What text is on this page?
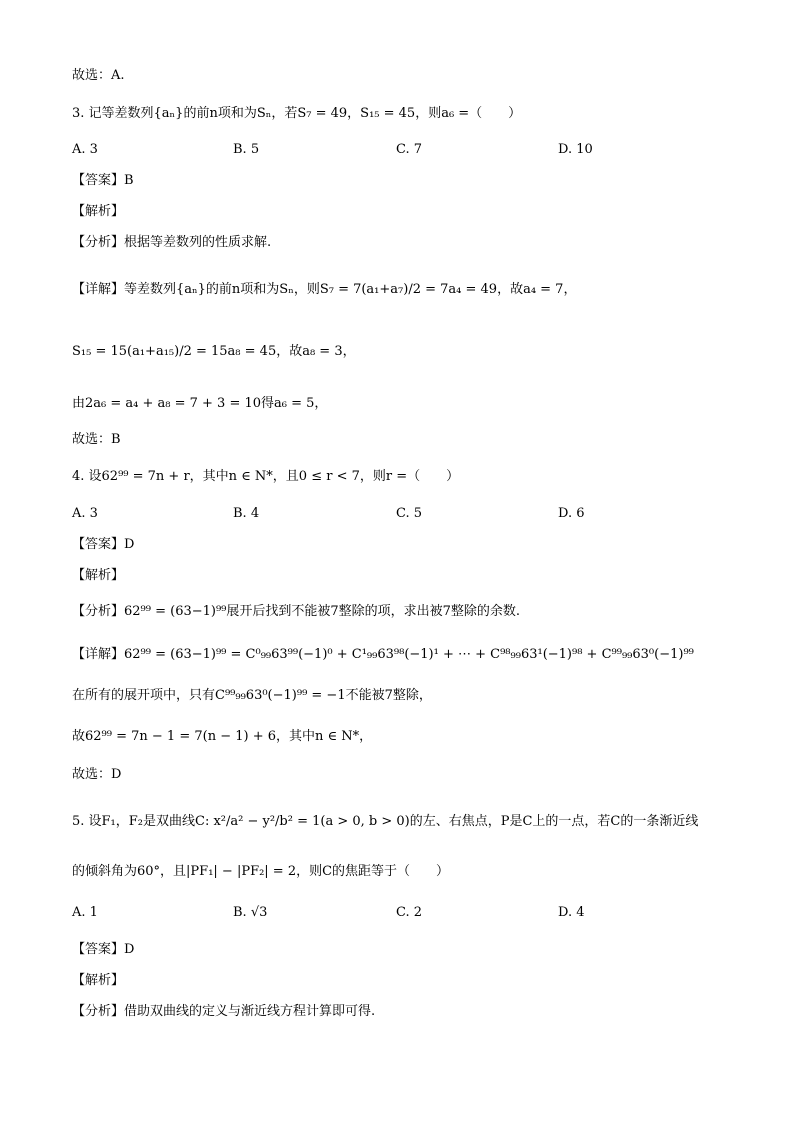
故选：A.
3. 记等差数列{aₙ}的前n项和为Sₙ，若S₇ = 49，S₁₅ = 45，则a₆ =（　　）
A. 3	B. 5	C. 7	D. 10
【答案】B
【解析】
【分析】根据等差数列的性质求解.
【详解】等差数列{aₙ}的前n项和为Sₙ，则S₇ = 7(a₁+a₇)/2 = 7a₄ = 49，故a₄ = 7，
S₁₅ = 15(a₁+a₁₅)/2 = 15a₈ = 45，故a₈ = 3，
由2a₆ = a₄ + a₈ = 7 + 3 = 10得a₆ = 5，
故选：B
4. 设62⁹⁹ = 7n + r，其中n ∈ N*，且0 ≤ r < 7，则r =（　　）
A. 3	B. 4	C. 5	D. 6
【答案】D
【解析】
【分析】62⁹⁹ = (63−1)⁹⁹展开后找到不能被7整除的项，求出被7整除的余数.
【详解】62⁹⁹ = (63−1)⁹⁹ = C⁰₉₉63⁹⁹(−1)⁰ + C¹₉₉63⁹⁸(−1)¹ + ⋯ + C⁹⁸₉₉63¹(−1)⁹⁸ + C⁹⁹₉₉63⁰(−1)⁹⁹
在所有的展开项中，只有C⁹⁹₉₉63⁰(−1)⁹⁹ = −1不能被7整除，
故62⁹⁹ = 7n − 1 = 7(n − 1) + 6，其中n ∈ N*，
故选：D
5. 设F₁，F₂是双曲线C: x²/a² − y²/b² = 1(a > 0, b > 0)的左、右焦点，P是C上的一点，若C的一条渐近线
的倾斜角为60°，且|PF₁| − |PF₂| = 2，则C的焦距等于（　　）
A. 1	B. √3	C. 2	D. 4
【答案】D
【解析】
【分析】借助双曲线的定义与渐近线方程计算即可得.
